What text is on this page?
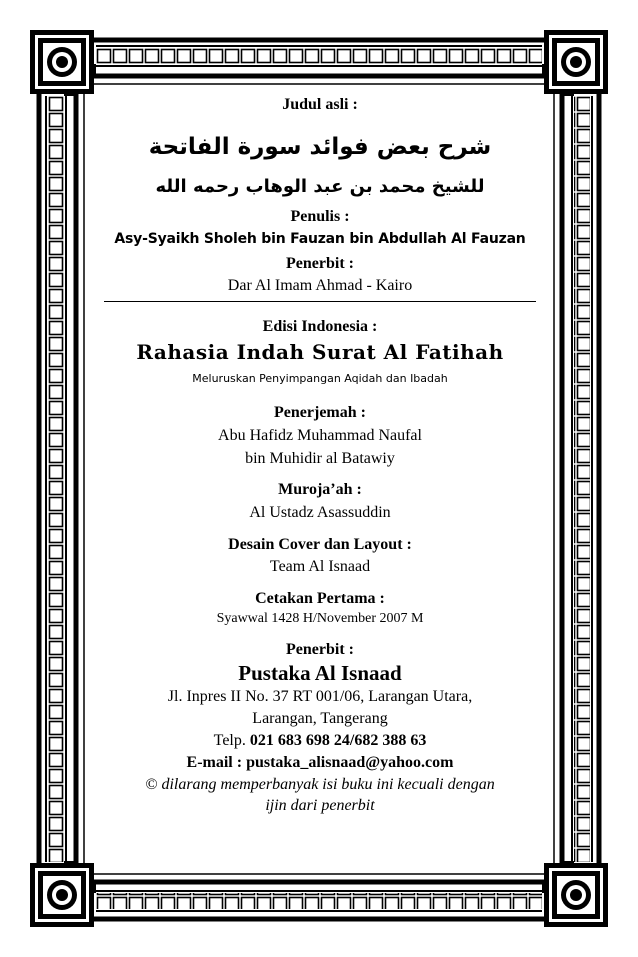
Judul asli :
شرح بعض فوائد سورة الفاتحة
للشيخ محمد بن عبد الوهاب رحمه الله
Penulis :
Asy-Syaikh Sholeh bin Fauzan bin Abdullah Al Fauzan
Penerbit :
Dar Al Imam Ahmad - Kairo
Edisi Indonesia :
Rahasia Indah Surat Al Fatihah
Meluruskan Penyimpangan Aqidah dan Ibadah
Penerjemah :
Abu Hafidz Muhammad Naufal
bin Muhidir al Batawiy
Muroja’ah :
Al Ustadz Asassuddin
Desain Cover dan Layout :
Team Al Isnaad
Cetakan Pertama :
Syawwal 1428 H/November 2007 M
Penerbit :
Pustaka Al Isnaad
Jl. Inpres II No. 37 RT 001/06, Larangan Utara,
Larangan, Tangerang
Telp. 021 683 698 24/682 388 63
E-mail : pustaka_alisnaad@yahoo.com
© dilarang memperbanyak isi buku ini kecuali dengan
ijin dari penerbit
